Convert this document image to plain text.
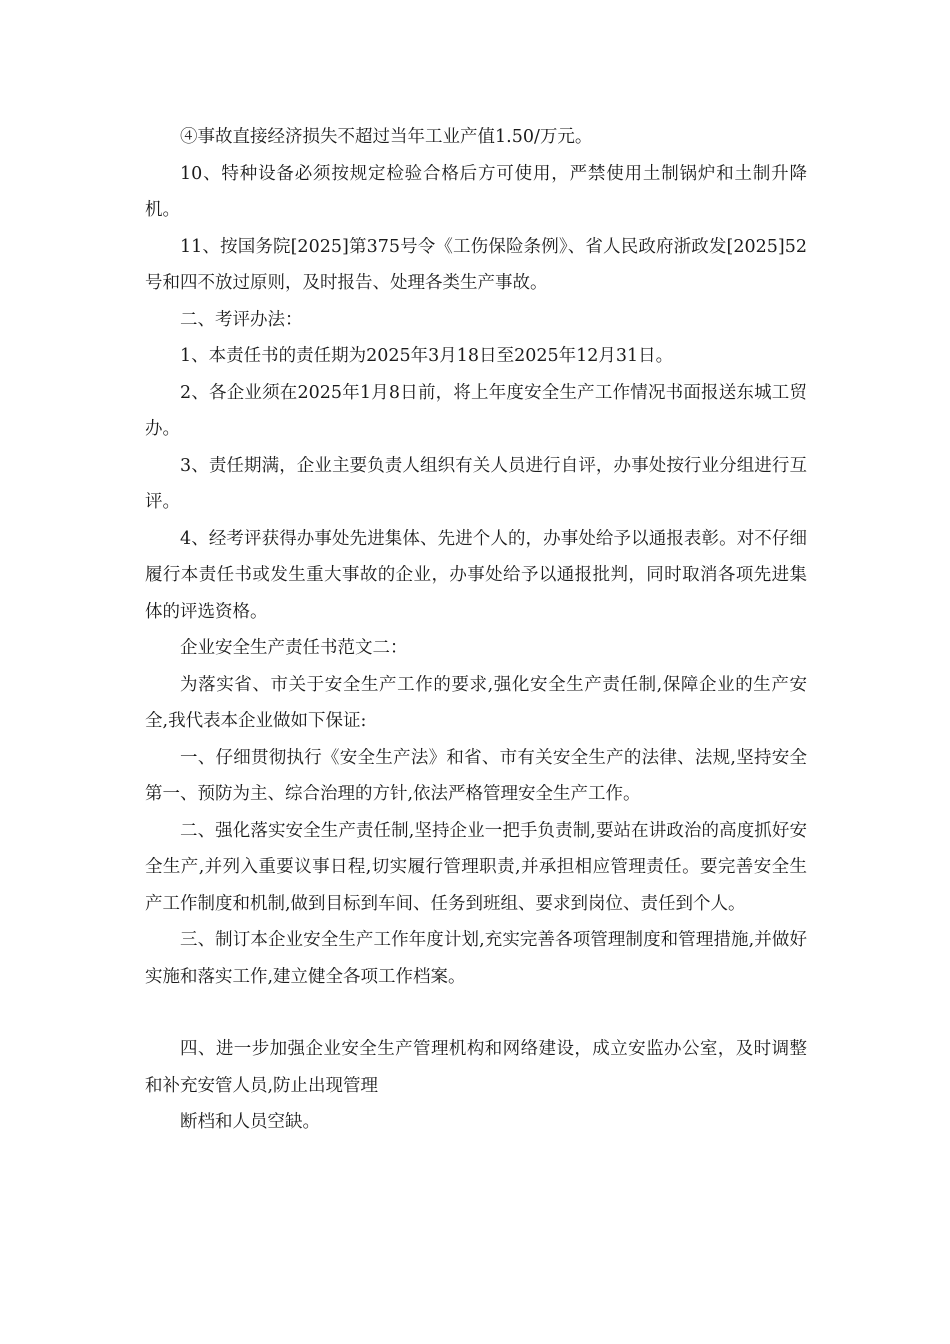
④事故直接经济损失不超过当年工业产值1.50/万元。

10、特种设备必须按规定检验合格后方可使用，严禁使用土制锅炉和土制升降机。

11、按国务院[2025]第375号令《工伤保险条例》、省人民政府浙政发[2025]52号和四不放过原则，及时报告、处理各类生产事故。

二、考评办法：

1、本责任书的责任期为2025年3月18日至2025年12月31日。

2、各企业须在2025年1月8日前，将上年度安全生产工作情况书面报送东城工贸办。

3、责任期满，企业主要负责人组织有关人员进行自评，办事处按行业分组进行互评。

4、经考评获得办事处先进集体、先进个人的，办事处给予以通报表彰。对不仔细履行本责任书或发生重大事故的企业，办事处给予以通报批判，同时取消各项先进集体的评选资格。

企业安全生产责任书范文二：

为落实省、市关于安全生产工作的要求,强化安全生产责任制,保障企业的生产安全,我代表本企业做如下保证:

一、仔细贯彻执行《安全生产法》和省、市有关安全生产的法律、法规,坚持安全第一、预防为主、综合治理的方针,依法严格管理安全生产工作。

二、强化落实安全生产责任制,坚持企业一把手负责制,要站在讲政治的高度抓好安全生产,并列入重要议事日程,切实履行管理职责,并承担相应管理责任。要完善安全生产工作制度和机制,做到目标到车间、任务到班组、要求到岗位、责任到个人。

三、制订本企业安全生产工作年度计划,充实完善各项管理制度和管理措施,并做好实施和落实工作,建立健全各项工作档案。

四、进一步加强企业安全生产管理机构和网络建设，成立安监办公室，及时调整和补充安管人员,防止出现管理

断档和人员空缺。
